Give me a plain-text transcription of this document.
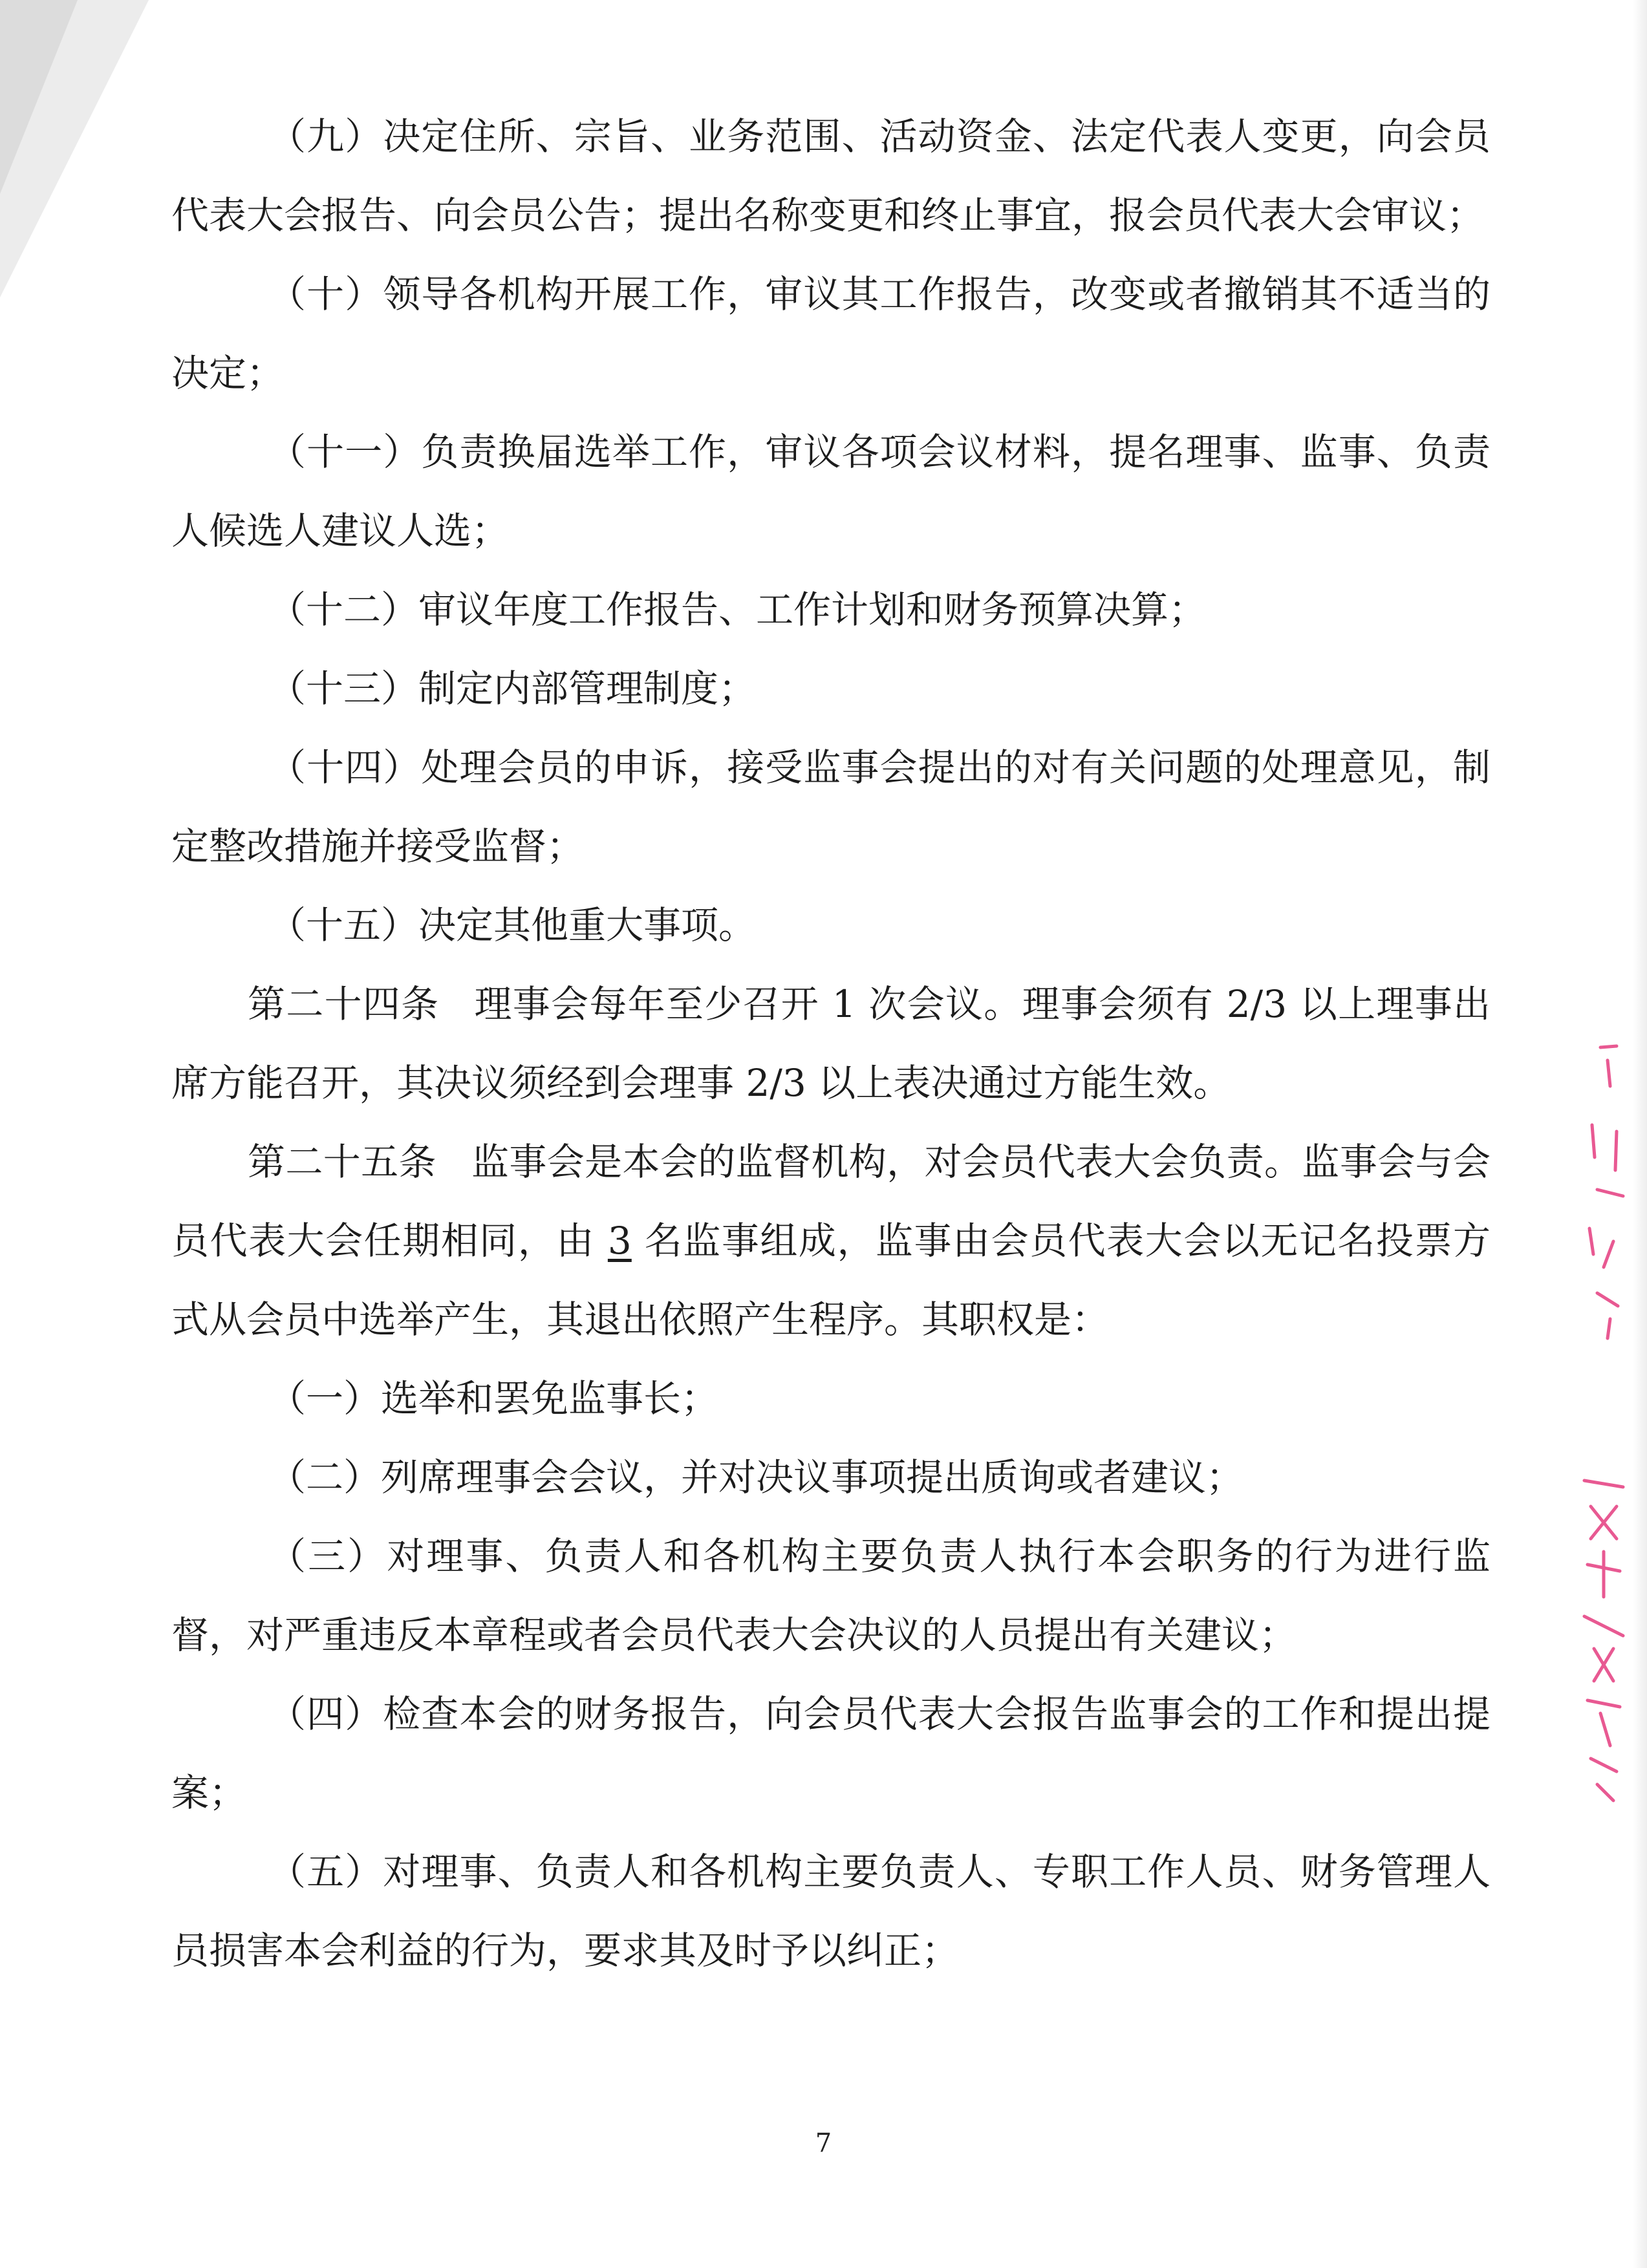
（九）决定住所、宗旨、业务范围、活动资金、法定代表人变更，向会员代表大会报告、向会员公告；提出名称变更和终止事宜，报会员代表大会审议；

（十）领导各机构开展工作，审议其工作报告，改变或者撤销其不适当的决定；

（十一）负责换届选举工作，审议各项会议材料，提名理事、监事、负责人候选人建议人选；

（十二）审议年度工作报告、工作计划和财务预算决算；

（十三）制定内部管理制度；

（十四）处理会员的申诉，接受监事会提出的对有关问题的处理意见，制定整改措施并接受监督；

（十五）决定其他重大事项。

第二十四条 理事会每年至少召开 1 次会议。理事会须有 2/3 以上理事出席方能召开，其决议须经到会理事 2/3 以上表决通过方能生效。

第二十五条 监事会是本会的监督机构，对会员代表大会负责。监事会与会员代表大会任期相同，由 3 名监事组成，监事由会员代表大会以无记名投票方式从会员中选举产生，其退出依照产生程序。其职权是：

（一）选举和罢免监事长；

（二）列席理事会会议，并对决议事项提出质询或者建议；

（三）对理事、负责人和各机构主要负责人执行本会职务的行为进行监督，对严重违反本章程或者会员代表大会决议的人员提出有关建议；

（四）检查本会的财务报告，向会员代表大会报告监事会的工作和提出提案；

（五）对理事、负责人和各机构主要负责人、专职工作人员、财务管理人员损害本会利益的行为，要求其及时予以纠正；

7
